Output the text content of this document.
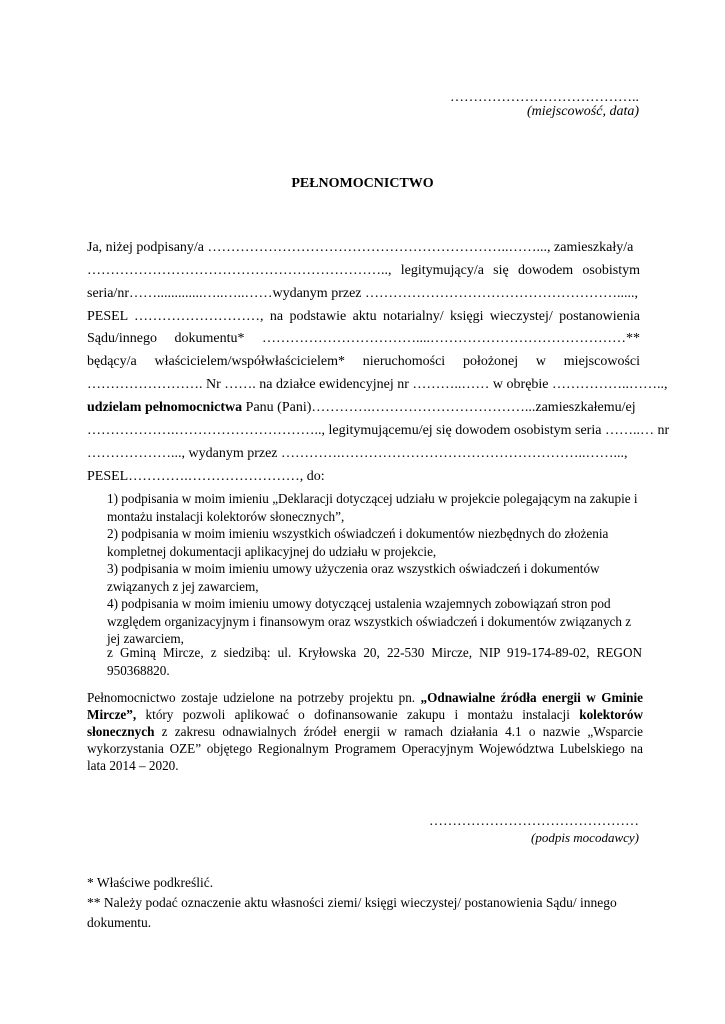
…………………………………..
(miejscowość, data)
PEŁNOMOCNICTWO
Ja, niżej podpisany/a ………………………………………………………..……..., zamieszkały/a
……………………………………………………….., legitymujący/a się dowodem osobistym
seria/nr…….............…..…..……wydanym przez ……………………………………………….....,
PESEL ………………………, na podstawie aktu notarialny/ księgi wieczystej/ postanowienia
Sądu/innego dokumentu* ……………………………....……………………………………**
będący/a właścicielem/współwłaścicielem* nieruchomości położonej w miejscowości
……………………. Nr ……. na działce ewidencyjnej nr ………..…… w obrębie ……………..……..,
udzielam pełnomocnictwa Panu (Pani)………….……………………………...zamieszkałemu/ej
……………….………………………….., legitymującemu/ej się dowodem osobistym seria ……..… nr
………………..., wydanym przez ………….……………………………………………..……...,
PESEL………….……………………, do:

1) podpisania w moim imieniu „Deklaracji dotyczącej udziału w projekcie polegającym na zakupie i montażu instalacji kolektorów słonecznych”,

2) podpisania w moim imieniu wszystkich oświadczeń i dokumentów niezbędnych do złożenia kompletnej dokumentacji aplikacyjnej do udziału w projekcie,

3) podpisania w moim imieniu umowy użyczenia oraz wszystkich oświadczeń i dokumentów związanych z jej zawarciem,

4) podpisania w moim imieniu umowy dotyczącej ustalenia wzajemnych zobowiązań stron pod względem organizacyjnym i finansowym oraz wszystkich oświadczeń i dokumentów związanych z jej zawarciem,

z Gminą Mircze, z siedzibą: ul. Kryłowska 20, 22-530 Mircze, NIP 919-174-89-02, REGON 950368820.

Pełnomocnictwo zostaje udzielone na potrzeby projektu pn. „Odnawialne źródła energii w Gminie Mircze”, który pozwoli aplikować o dofinansowanie zakupu i montażu instalacji kolektorów słonecznych z zakresu odnawialnych źródeł energii w ramach działania 4.1 o nazwie „Wsparcie wykorzystania OZE” objętego Regionalnym Programem Operacyjnym Województwa Lubelskiego na lata 2014 – 2020.

………………………………………
(podpis mocodawcy)

* Właściwe podkreślić.

** Należy podać oznaczenie aktu własności ziemi/ księgi wieczystej/ postanowienia Sądu/ innego dokumentu.
